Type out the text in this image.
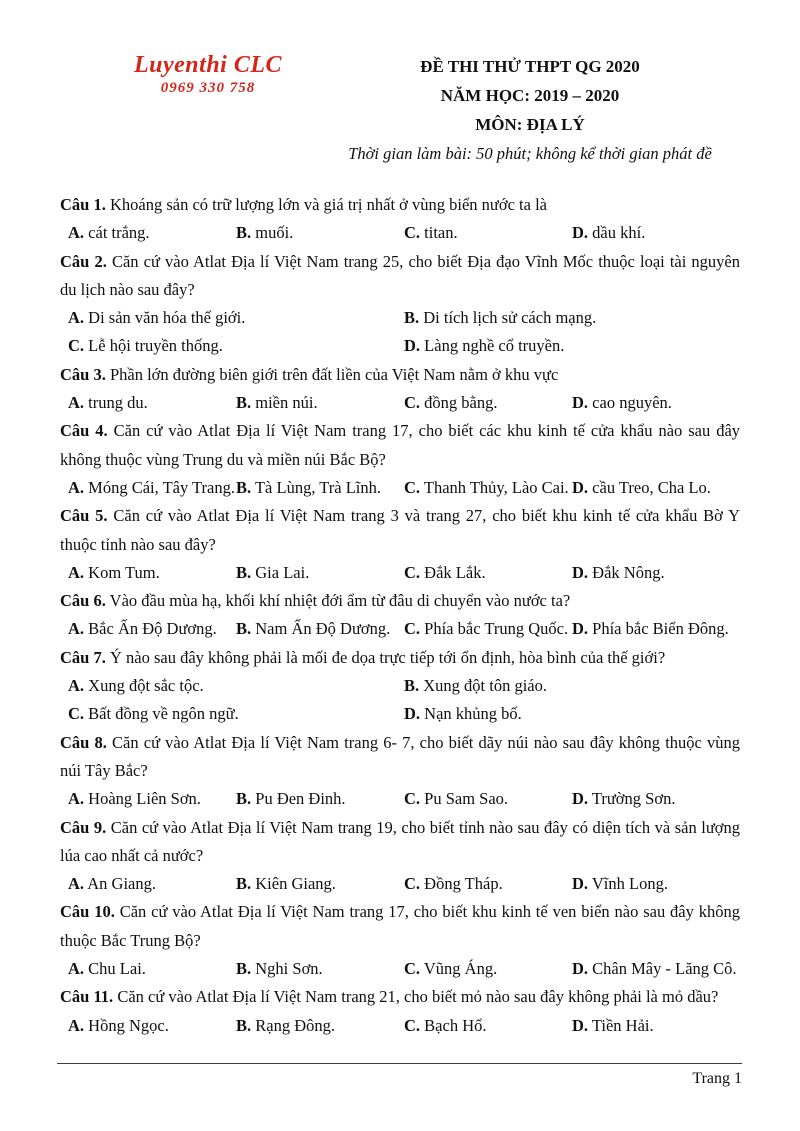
Luyenthi CLC
0969 330 758
ĐỀ THI THỬ THPT QG 2020
NĂM HỌC: 2019 – 2020
MÔN: ĐỊA LÝ
Thời gian làm bài: 50 phút; không kể thời gian phát đề

Câu 1. Khoáng sản có trữ lượng lớn và giá trị nhất ở vùng biển nước ta là

A. cát trắng.	B. muối.	C. titan.	D. dầu khí.

Câu 2. Căn cứ vào Atlat Địa lí Việt Nam trang 25, cho biết Địa đạo Vĩnh Mốc thuộc loại tài nguyên du lịch nào sau đây?

A. Di sản văn hóa thế giới.	B. Di tích lịch sử cách mạng.
C. Lễ hội truyền thống.	D. Làng nghề cổ truyền.

Câu 3. Phần lớn đường biên giới trên đất liền của Việt Nam nằm ở khu vực

A. trung du.	B. miền núi.	C. đồng bằng.	D. cao nguyên.

Câu 4. Căn cứ vào Atlat Địa lí Việt Nam trang 17, cho biết các khu kinh tế cửa khẩu nào sau đây không thuộc vùng Trung du và miền núi Bắc Bộ?

A. Móng Cái, Tây Trang. B. Tà Lùng, Trà Lĩnh.	C. Thanh Thủy, Lào Cai. D. cầu Treo, Cha Lo.

Câu 5. Căn cứ vào Atlat Địa lí Việt Nam trang 3 và trang 27, cho biết khu kinh tế cửa khẩu Bờ Y thuộc tỉnh nào sau đây?

A. Kom Tum.	B. Gia Lai.	C. Đắk Lắk.	D. Đắk Nông.

Câu 6. Vào đầu mùa hạ, khối khí nhiệt đới ẩm từ đâu di chuyển vào nước ta?

A. Bắc Ấn Độ Dương.	B. Nam Ấn Độ Dương. C. Phía bắc Trung Quốc. D. Phía bắc Biển Đông.

Câu 7. Ý nào sau đây không phải là mối đe dọa trực tiếp tới ổn định, hòa bình của thế giới?

A. Xung đột sắc tộc.	B. Xung đột tôn giáo.
C. Bất đồng về ngôn ngữ.	D. Nạn khủng bố.

Câu 8. Căn cứ vào Atlat Địa lí Việt Nam trang 6- 7, cho biết dãy núi nào sau đây không thuộc vùng núi Tây Bắc?

A. Hoàng Liên Sơn.	B. Pu Đen Đinh.	C. Pu Sam Sao.	D. Trường Sơn.

Câu 9. Căn cứ vào Atlat Địa lí Việt Nam trang 19, cho biết tỉnh nào sau đây có diện tích và sản lượng lúa cao nhất cả nước?

A. An Giang.	B. Kiên Giang.	C. Đồng Tháp.	D. Vĩnh Long.

Câu 10. Căn cứ vào Atlat Địa lí Việt Nam trang 17, cho biết khu kinh tế ven biển nào sau đây không thuộc Bắc Trung Bộ?

A. Chu Lai.	B. Nghi Sơn.	C. Vũng Áng.	D. Chân Mây - Lăng Cô.

Câu 11. Căn cứ vào Atlat Địa lí Việt Nam trang 21, cho biết mỏ nào sau đây không phải là mỏ dầu?

A. Hồng Ngọc.	B. Rạng Đông.	C. Bạch Hổ.	D. Tiền Hải.
Trang 1
